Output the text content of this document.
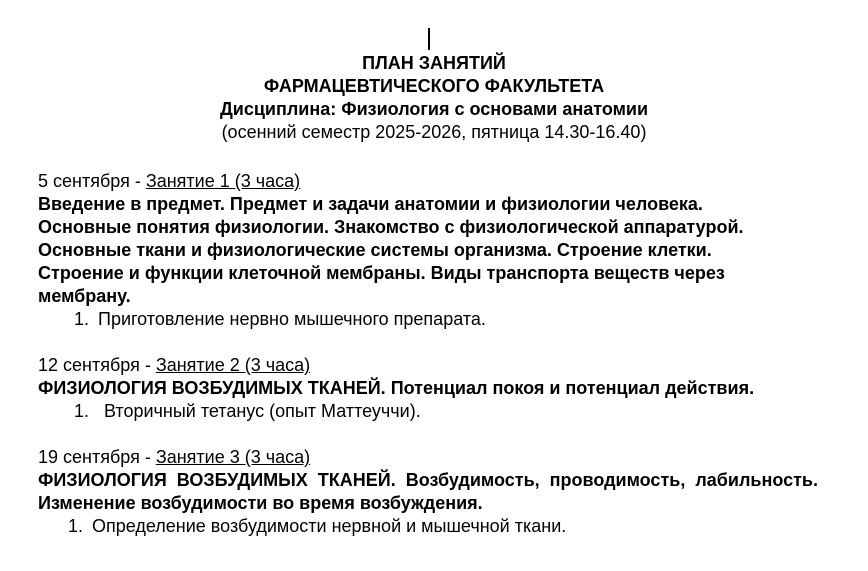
ПЛАН ЗАНЯТИЙ
ФАРМАЦЕВТИЧЕСКОГО ФАКУЛЬТЕТА
Дисциплина: Физиология с основами анатомии
(осенний семестр 2025-2026, пятница 14.30-16.40)
5 сентября - Занятие 1 (3 часа)
Введение в предмет. Предмет и задачи анатомии и физиологии человека. Основные понятия физиологии. Знакомство с физиологической аппаратурой. Основные ткани и физиологические системы организма. Строение клетки. Строение и функции клеточной мембраны. Виды транспорта веществ через мембрану.
1. Приготовление нервно мышечного препарата.
12 сентября - Занятие 2 (3 часа)
ФИЗИОЛОГИЯ ВОЗБУДИМЫХ ТКАНЕЙ. Потенциал покоя и потенциал действия.
1. Вторичный тетанус (опыт Маттеуччи).
19 сентября - Занятие 3 (3 часа)
ФИЗИОЛОГИЯ ВОЗБУДИМЫХ ТКАНЕЙ. Возбудимость, проводимость, лабильность. Изменение возбудимости во время возбуждения.
1. Определение возбудимости нервной и мышечной ткани.
